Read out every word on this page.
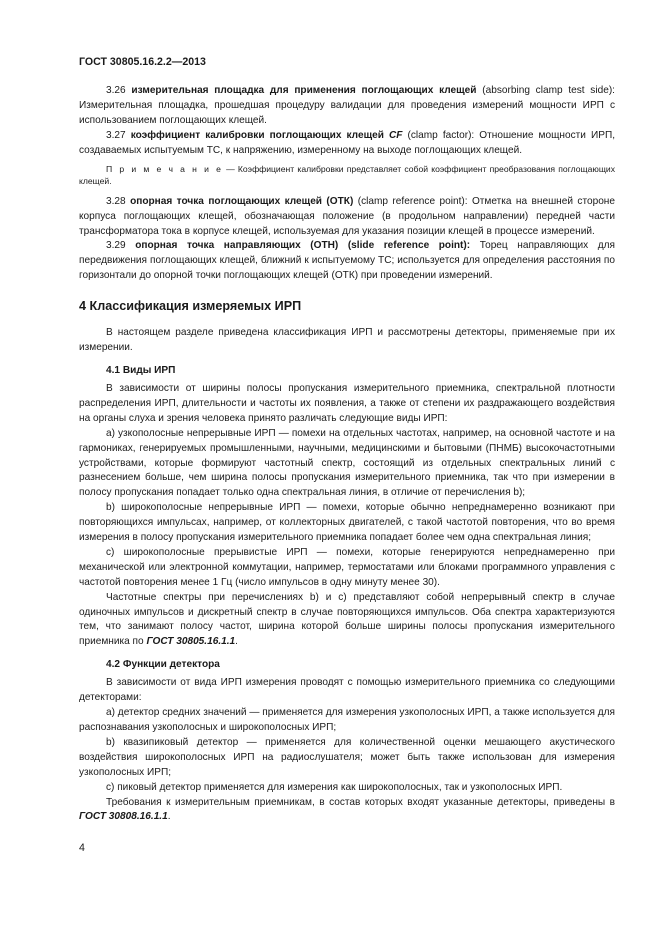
ГОСТ 30805.16.2.2—2013

3.26 измерительная площадка для применения поглощающих клещей (absorbing clamp test side): Измерительная площадка, прошедшая процедуру валидации для проведения измерений мощности ИРП с использованием поглощающих клещей.

3.27 коэффициент калибровки поглощающих клещей CF (clamp factor): Отношение мощности ИРП, создаваемых испытуемым ТС, к напряжению, измеренному на выходе поглощающих клещей.

П р и м е ч а н и е — Коэффициент калибровки представляет собой коэффициент преобразования поглощающих клещей.

3.28 опорная точка поглощающих клещей (ОТК) (clamp reference point): Отметка на внешней стороне корпуса поглощающих клещей, обозначающая положение (в продольном направлении) передней части трансформатора тока в корпусе клещей, используемая для указания позиции клещей в процессе измерений.

3.29 опорная точка направляющих (ОТН) (slide reference point): Торец направляющих для передвижения поглощающих клещей, ближний к испытуемому ТС; используется для определения расстояния по горизонтали до опорной точки поглощающих клещей (ОТК) при проведении измерений.

4 Классификация измеряемых ИРП

В настоящем разделе приведена классификация ИРП и рассмотрены детекторы, применяемые при их измерении.

4.1 Виды ИРП

В зависимости от ширины полосы пропускания измерительного приемника, спектральной плотности распределения ИРП, длительности и частоты их появления, а также от степени их раздражающего воздействия на органы слуха и зрения человека принято различать следующие виды ИРП:

a) узкополосные непрерывные ИРП — помехи на отдельных частотах, например, на основной частоте и на гармониках, генерируемых промышленными, научными, медицинскими и бытовыми (ПНМБ) высокочастотными устройствами, которые формируют частотный спектр, состоящий из отдельных спектральных линий с разнесением больше, чем ширина полосы пропускания измерительного приемника, так что при измерении в полосу пропускания попадает только одна спектральная линия, в отличие от перечисления b);

b) широкополосные непрерывные ИРП — помехи, которые обычно непреднамеренно возникают при повторяющихся импульсах, например, от коллекторных двигателей, с такой частотой повторения, что во время измерения в полосу пропускания измерительного приемника попадает более чем одна спектральная линия;

c) широкополосные прерывистые ИРП — помехи, которые генерируются непреднамеренно при механической или электронной коммутации, например, термостатами или блоками программного управления с частотой повторения менее 1 Гц (число импульсов в одну минуту менее 30).

Частотные спектры при перечислениях b) и c) представляют собой непрерывный спектр в случае одиночных импульсов и дискретный спектр в случае повторяющихся импульсов. Оба спектра характеризуются тем, что занимают полосу частот, ширина которой больше ширины полосы пропускания измерительного приемника по ГОСТ 30805.16.1.1.

4.2 Функции детектора

В зависимости от вида ИРП измерения проводят с помощью измерительного приемника со следующими детекторами:

a) детектор средних значений — применяется для измерения узкополосных ИРП, а также используется для распознавания узкополосных и широкополосных ИРП;

b) квазипиковый детектор — применяется для количественной оценки мешающего акустического воздействия широкополосных ИРП на радиослушателя; может быть также использован для измерения узкополосных ИРП;

c) пиковый детектор применяется для измерения как широкополосных, так и узкополосных ИРП.

Требования к измерительным приемникам, в состав которых входят указанные детекторы, приведены в ГОСТ 30808.16.1.1.

4
